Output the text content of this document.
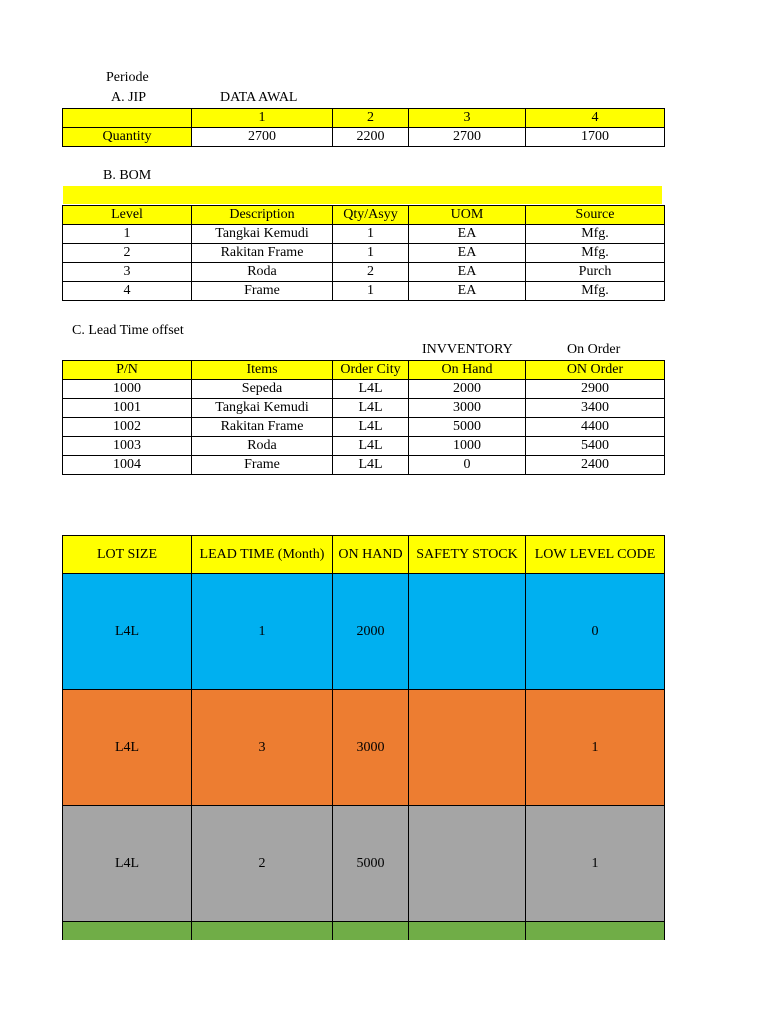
Periode
A. JIP	DATA AWAL
	1	2	3	4
Quantity	2700	2200	2700	1700
B. BOM
Level	Description	Qty/Asyy	UOM	Source
1	Tangkai Kemudi	1	EA	Mfg.
2	Rakitan Frame	1	EA	Mfg.
3	Roda	2	EA	Purch
4	Frame	1	EA	Mfg.
C. Lead Time offset
INVVENTORY	On Order
P/N	Items	Order City	On Hand	ON Order
1000	Sepeda	L4L	2000	2900
1001	Tangkai Kemudi	L4L	3000	3400
1002	Rakitan Frame	L4L	5000	4400
1003	Roda	L4L	1000	5400
1004	Frame	L4L	0	2400
LOT SIZE	LEAD TIME (Month)	ON HAND	SAFETY STOCK	LOW LEVEL CODE
L4L	1	2000		0
L4L	3	3000		1
L4L	2	5000		1
